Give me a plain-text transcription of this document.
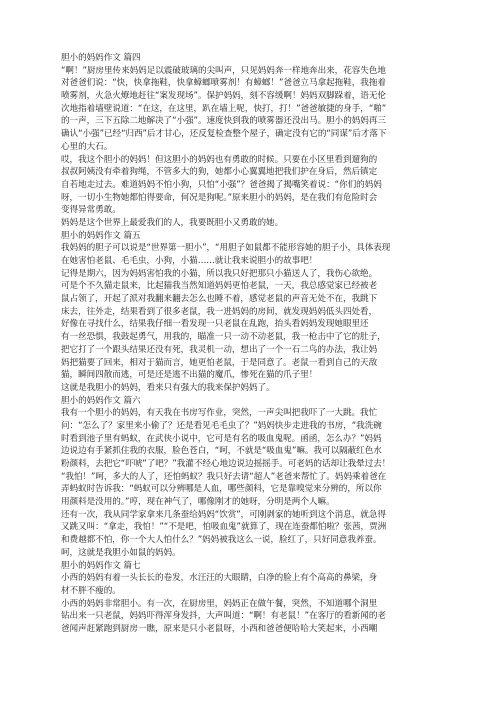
胆小的妈妈作文 篇四
“啊！”厨房里传来妈妈足以震破玻璃的尖叫声，只见妈妈奔一样地奔出来，花容失色地
对爸爸们说：“快，快拿拖鞋，快拿蟑螂喷雾剂！有蟑螂！”爸爸立马拿起拖鞋，我拖着
喷雾剂，火急火燎地赶往“案发现场”。保护妈妈，刻不容缓啊！妈妈双脚跺着，语无伦
次地指着墙壁说道：“在这，在这里，趴在墙上呢，快打，打！”爸爸敏捷的身手，“啪”
的一声，三下五除二地解决了“小强”。速度快到我的喷雾器还没出马。胆小的妈妈再三
确认“小强”已经“归西”后才甘心，还反复检查整个屋子，确定没有它的“同谋”后才落下
心里的大石。
哎，我这个胆小的妈妈！但这胆小的妈妈也有勇敢的时候。只要在小区里看到遛狗的
叔叔阿姨没有牵着狗绳，不管多大的狗，她都小心翼翼地把我们护在身后，然后镇定
自若地走过去。难道妈妈不怕小狗，只怕“小强”？爸爸揭了揭嘴笑着说：“你们的妈妈
呀，一切小生物她都怕得要命，何况是狗呢。”原来胆小的妈妈，是在我们有危险时会
变得异常勇敢。
妈妈是这个世界上最爱我们的人，我要既胆小又勇敢的她。
胆小的妈妈作文 篇五
我妈妈的胆子可以说是“世界第一胆小”，“用胆子如鼠都不能形容她的胆子小，具体表现
在她害怕老鼠、毛毛虫，小狗，小猫……就让我来说胆小的故事吧！
记得是期六，因为妈妈害怕我的小猫，所以我只好把那只小猫送人了，我伤心欲绝。
可是个不久猫走鼠来，比起猫我当然知道妈妈更怕老鼠，一天，我总感觉家已经被老
鼠占领了，开起了派对我翻来翻去怎么也睡不着，感觉老鼠的声音无处不在，我跳下
床去，往外走，结果看到了很多老鼠，我一进妈妈的房间，就发现妈妈低头四处看，
好像在寻找什么，结果我仔细一看发现一只老鼠在乱跑，抬头看妈妈发现她眼里还
有一丝恐惧，我鼓起勇气，用我的，瞄准一只一动不动老鼠，我一枪击中了它的肚子，
把它打了一个跟头结果还没有死，我灵机一动，想出了一个一石二鸟的办法，我让妈
妈把猫要了回来，相对于猫而言，她更怕老鼠，于是同意了。老鼠一看到自己的天敌
猫，瞬间四散而逃，可是还是逃不出猫的魔爪，惨死在猫的爪子里！
这就是我胆小的妈妈，看来只有强大的我来保护妈妈了。
胆小的妈妈作文 篇六
我有一个胆小的妈妈，有天我在书房写作业，突然，一声尖叫把我吓了一大跳。我忙
问：“怎么了？家里来小偷了？还是看见毛毛虫了？”妈妈快步走进我的书房，“我洗碗
时看到池子里有蚂蚁，在武侠小说中，它可是有名的吸血鬼呢。函函，怎么办？”妈妈
边说边有手紧抓住我的衣服，脸色苍白，“呵，不就是“吸血鬼”嘛。我可以隔蔽红色水
粉颜料，去把它“吓唬”了吧？”我灌不经心地边说边摇摇手。可老妈的话却让我晕过去！
“我怕！”呵，多大的人了，还怕蚂蚁？我只好去请“超人”老爸来帮忙了。妈妈乘着爸在
弄蚂蚁时告诉我：“蚂蚁可以分辨哪是人血，哪些颜料，它是靠嗅觉来分辨的，所以你
用颜料是没用的。”哼，现在神气了，哪像刚才的她呀，分明是两个人嘛。
还有一次，我从同学家拿来几条蚕给妈妈“饮赏”，可刚剥家的她听到这个消息，就急得
又跳又叫：“拿走，我怕！”“不是吧，怕吸血鬼”就算了，现在连蚕都怕啦？张茜，贾洲
和费越都不怕，你一个大人怕什么？”妈妈被我这么一说，脸红了，只好同意我养蚕。
呵，这就是我胆小如鼠的妈妈。
胆小的妈妈作文 篇七
小西的妈妈有着一头长长的卷发，水汪汪的大眼睛，白净的脸上有个高高的鼻梁，身
材不胖不瘦的。
小西的妈妈非常胆小。有一次，在厨房里，妈妈正在做午餐，突然，不知道哪个洞里
钻出来一只老鼠，妈妈吓得浑身发抖，大声叫道：“啊！有老鼠！”在客厅的看新闻的老
爸闻声赶紧跑到厨房一瞧，原来是只小老鼠呀，小西和爸爸便哈哈大笑起来，小西嘲
